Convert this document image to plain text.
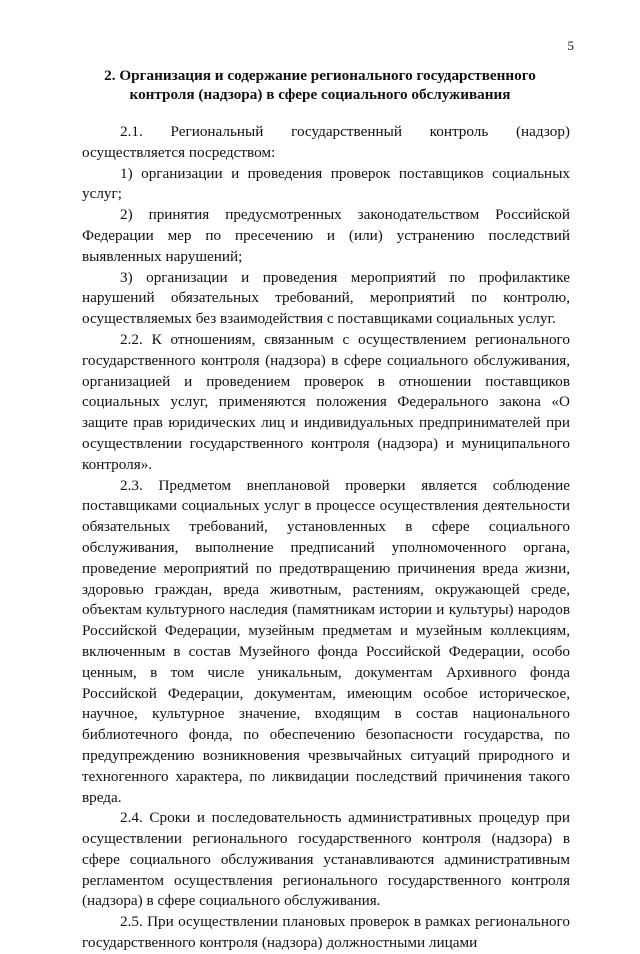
5
2. Организация и содержание регионального государственного контроля (надзора) в сфере социального обслуживания

2.1. Региональный государственный контроль (надзор) осуществляется посредством:

1) организации и проведения проверок поставщиков социальных услуг;

2) принятия предусмотренных законодательством Российской Федерации мер по пресечению и (или) устранению последствий выявленных нарушений;

3) организации и проведения мероприятий по профилактике нарушений обязательных требований, мероприятий по контролю, осуществляемых без взаимодействия с поставщиками социальных услуг.

2.2. К отношениям, связанным с осуществлением регионального государственного контроля (надзора) в сфере социального обслуживания, организацией и проведением проверок в отношении поставщиков социальных услуг, применяются положения Федерального закона «О защите прав юридических лиц и индивидуальных предпринимателей при осуществлении государственного контроля (надзора) и муниципального контроля».

2.3. Предметом внеплановой проверки является соблюдение поставщиками социальных услуг в процессе осуществления деятельности обязательных требований, установленных в сфере социального обслуживания, выполнение предписаний уполномоченного органа, проведение мероприятий по предотвращению причинения вреда жизни, здоровью граждан, вреда животным, растениям, окружающей среде, объектам культурного наследия (памятникам истории и культуры) народов Российской Федерации, музейным предметам и музейным коллекциям, включенным в состав Музейного фонда Российской Федерации, особо ценным, в том числе уникальным, документам Архивного фонда Российской Федерации, документам, имеющим особое историческое, научное, культурное значение, входящим в состав национального библиотечного фонда, по обеспечению безопасности государства, по предупреждению возникновения чрезвычайных ситуаций природного и техногенного характера, по ликвидации последствий причинения такого вреда.

2.4. Сроки и последовательность административных процедур при осуществлении регионального государственного контроля (надзора) в сфере социального обслуживания устанавливаются административным регламентом осуществления регионального государственного контроля (надзора) в сфере социального обслуживания.

2.5. При осуществлении плановых проверок в рамках регионального государственного контроля (надзора) должностными лицами
